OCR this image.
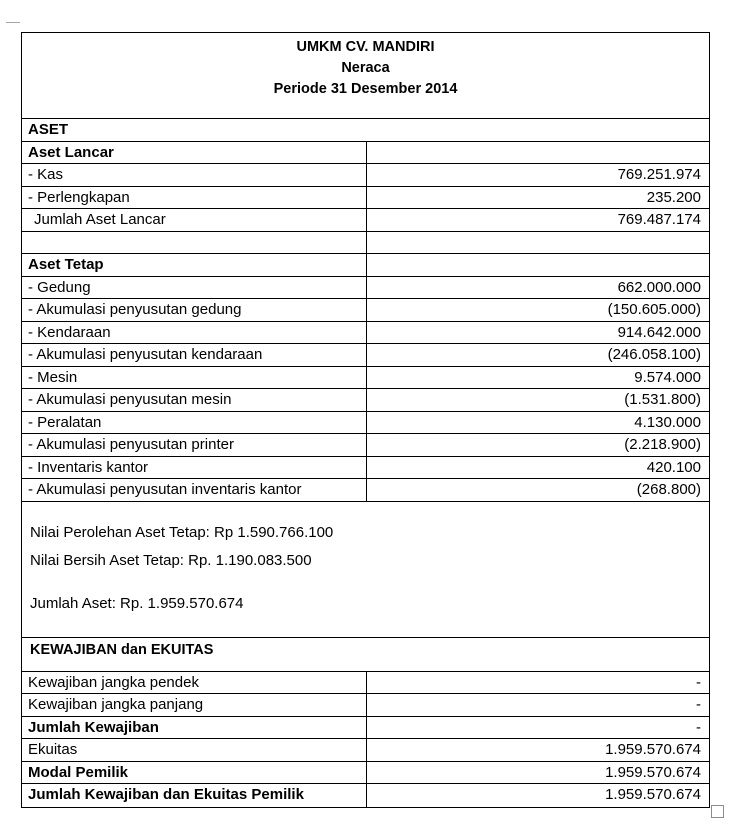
UMKM CV. MANDIRI
Neraca
Periode 31 Desember 2014
ASET
Aset Lancar
- Kas	769.251.974
- Perlengkapan	235.200
Jumlah Aset Lancar	769.487.174
Aset Tetap
- Gedung	662.000.000
- Akumulasi penyusutan gedung	(150.605.000)
- Kendaraan	914.642.000
- Akumulasi penyusutan kendaraan	(246.058.100)
- Mesin	9.574.000
- Akumulasi penyusutan mesin	(1.531.800)
- Peralatan	4.130.000
- Akumulasi penyusutan printer	(2.218.900)
- Inventaris kantor	420.100
- Akumulasi penyusutan inventaris kantor	(268.800)
Nilai Perolehan Aset Tetap: Rp 1.590.766.100
Nilai Bersih Aset Tetap: Rp. 1.190.083.500
Jumlah Aset: Rp. 1.959.570.674
KEWAJIBAN dan EKUITAS
Kewajiban jangka pendek	-
Kewajiban jangka panjang	-
Jumlah Kewajiban	-
Ekuitas	1.959.570.674
Modal Pemilik	1.959.570.674
Jumlah Kewajiban dan Ekuitas Pemilik	1.959.570.674
